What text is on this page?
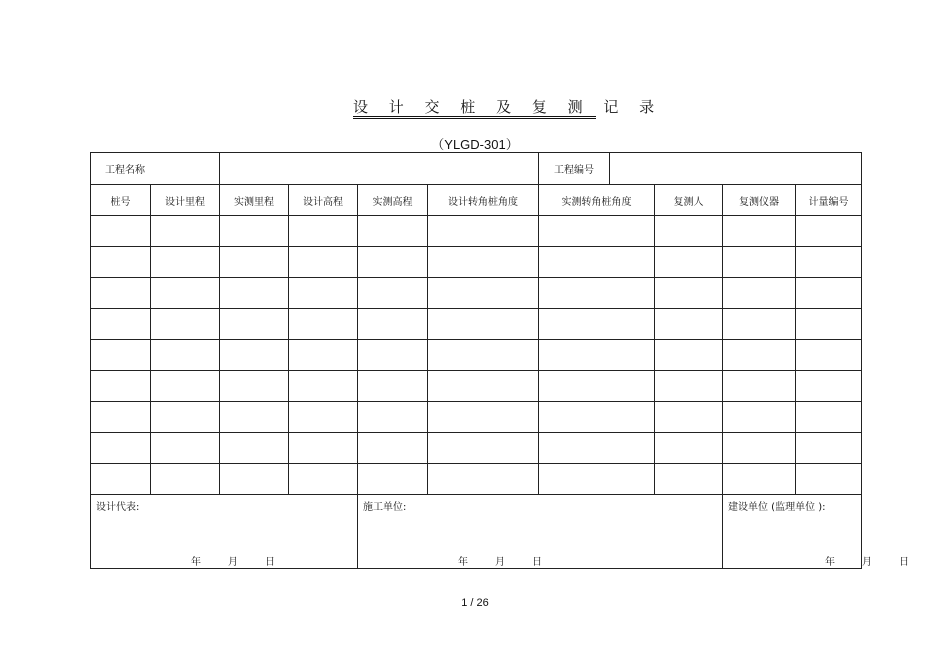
设 计 交 桩 及 复 测 记 录
（YLGD-301）
工程名称			工程编号	

桩号	设计里程	实测里程	设计高程	实测高程	设计转角桩角度	实测转角桩角度	复测人	复测仪器	计量编号

设计代表:
年	月	日

施工单位:
年	月	日

建设单位 (监理单位 ):
年	月	日
1 / 26
